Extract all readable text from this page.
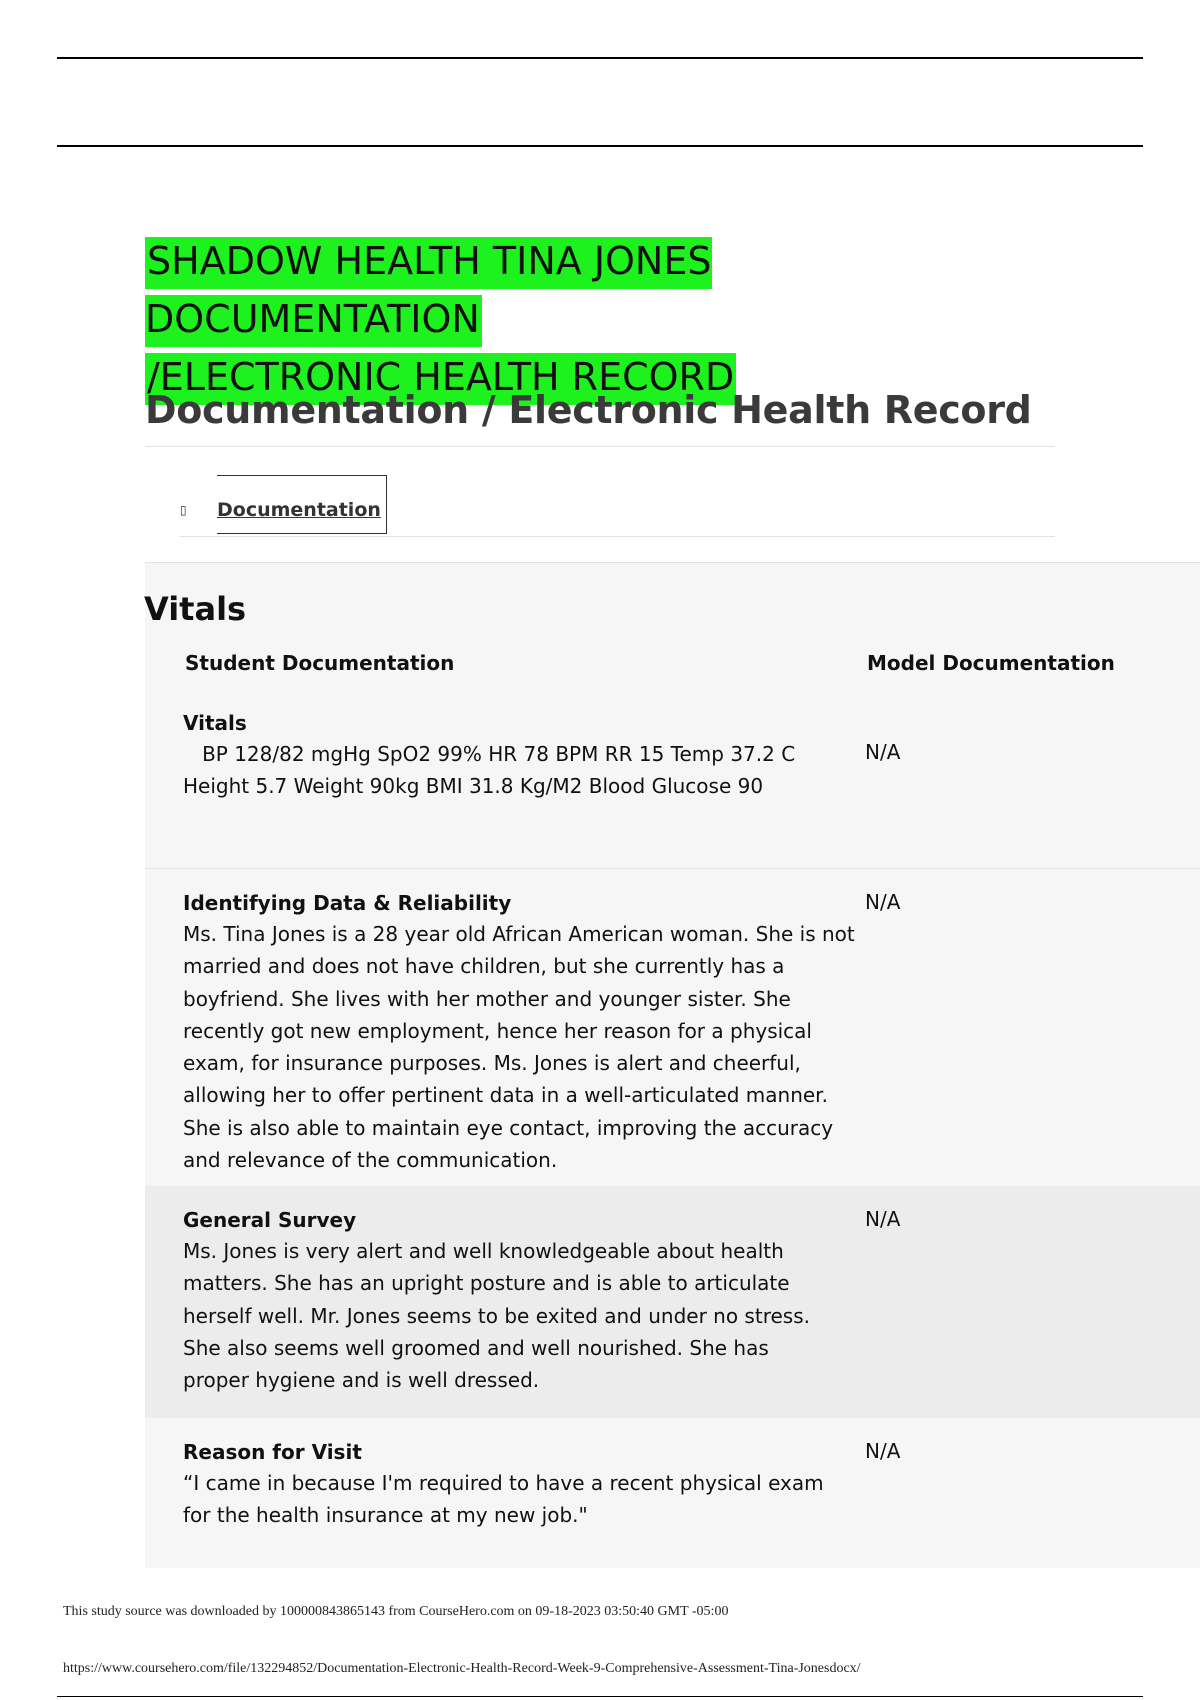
SHADOW HEALTH TINA JONES DOCUMENTATION
/ELECTRONIC HEALTH RECORD
Documentation / Electronic Health Record
▯ Documentation
Vitals
Student Documentation	Model Documentation
Vitals
BP 128/82 mgHg SpO2 99% HR 78 BPM RR 15 Temp 37.2 C
Height 5.7 Weight 90kg BMI 31.8 Kg/M2 Blood Glucose 90
N/A
Identifying Data & Reliability
Ms. Tina Jones is a 28 year old African American woman. She is not
married and does not have children, but she currently has a
boyfriend. She lives with her mother and younger sister. She
recently got new employment, hence her reason for a physical
exam, for insurance purposes. Ms. Jones is alert and cheerful,
allowing her to offer pertinent data in a well-articulated manner.
She is also able to maintain eye contact, improving the accuracy
and relevance of the communication.
N/A
General Survey
Ms. Jones is very alert and well knowledgeable about health
matters. She has an upright posture and is able to articulate
herself well. Mr. Jones seems to be exited and under no stress.
She also seems well groomed and well nourished. She has
proper hygiene and is well dressed.
N/A
Reason for Visit
“I came in because I'm required to have a recent physical exam
for the health insurance at my new job."
N/A
This study source was downloaded by 100000843865143 from CourseHero.com on 09-18-2023 03:50:40 GMT -05:00
https://www.coursehero.com/file/132294852/Documentation-Electronic-Health-Record-Week-9-Comprehensive-Assessment-Tina-Jonesdocx/
